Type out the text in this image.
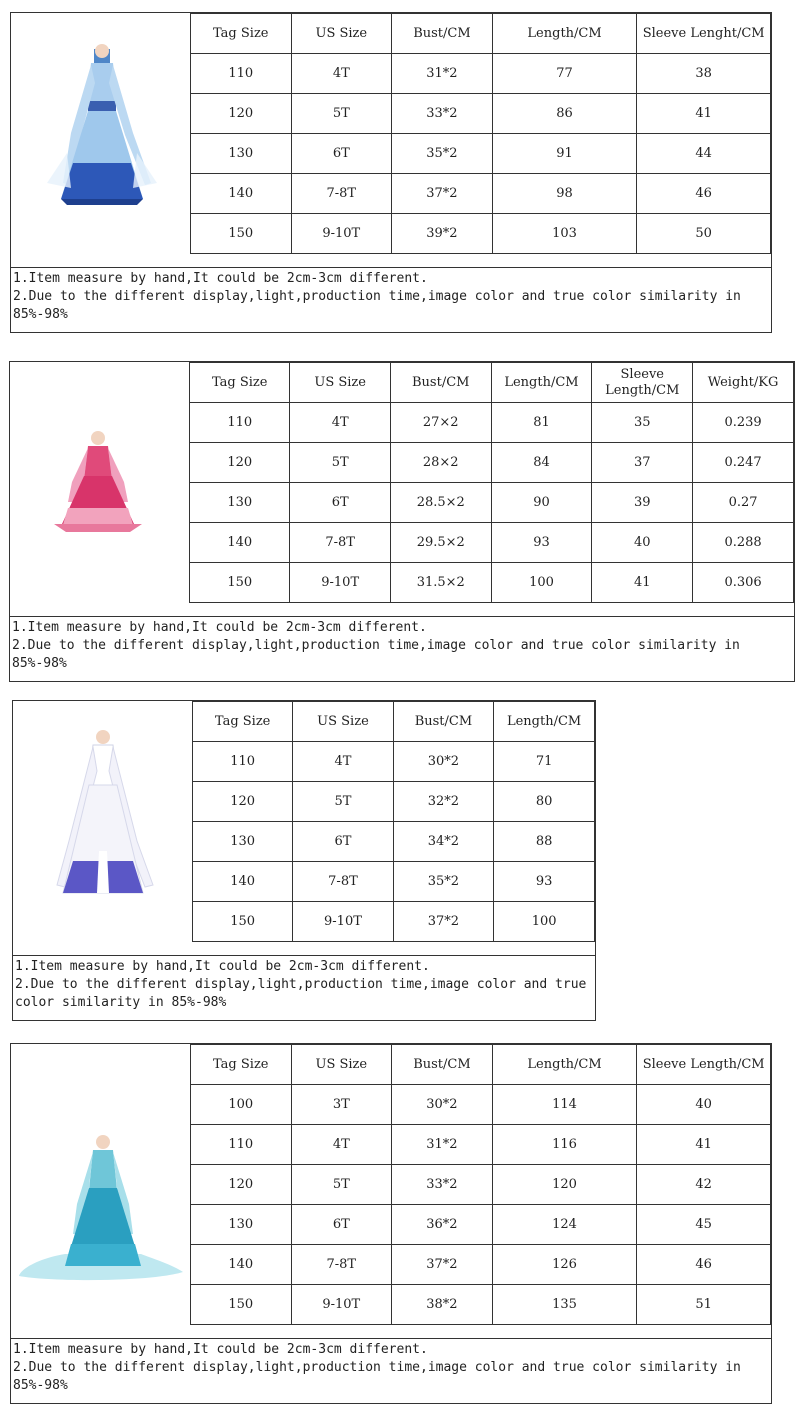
Tag Size	US Size	Bust/CM	Length/CM	Sleeve Lenght/CM
110	4T	31*2	77	38
120	5T	33*2	86	41
130	6T	35*2	91	44
140	7-8T	37*2	98	46
150	9-10T	39*2	103	50
1.Item measure by hand,It could be 2cm-3cm different.
2.Due to the different display,light,production time,image color and true color similarity in 85%-98%
Tag Size	US Size	Bust/CM	Length/CM	Sleeve Length/CM	Weight/KG
110	4T	27×2	81	35	0.239
120	5T	28×2	84	37	0.247
130	6T	28.5×2	90	39	0.27
140	7-8T	29.5×2	93	40	0.288
150	9-10T	31.5×2	100	41	0.306
1.Item measure by hand,It could be 2cm-3cm different.
2.Due to the different display,light,production time,image color and true color similarity in 85%-98%
Tag Size	US Size	Bust/CM	Length/CM
110	4T	30*2	71
120	5T	32*2	80
130	6T	34*2	88
140	7-8T	35*2	93
150	9-10T	37*2	100
1.Item measure by hand,It could be 2cm-3cm different.
2.Due to the different display,light,production time,image color and true color similarity in 85%-98%
Tag Size	US Size	Bust/CM	Length/CM	Sleeve Length/CM
100	3T	30*2	114	40
110	4T	31*2	116	41
120	5T	33*2	120	42
130	6T	36*2	124	45
140	7-8T	37*2	126	46
150	9-10T	38*2	135	51
1.Item measure by hand,It could be 2cm-3cm different.
2.Due to the different display,light,production time,image color and true color similarity in 85%-98%
